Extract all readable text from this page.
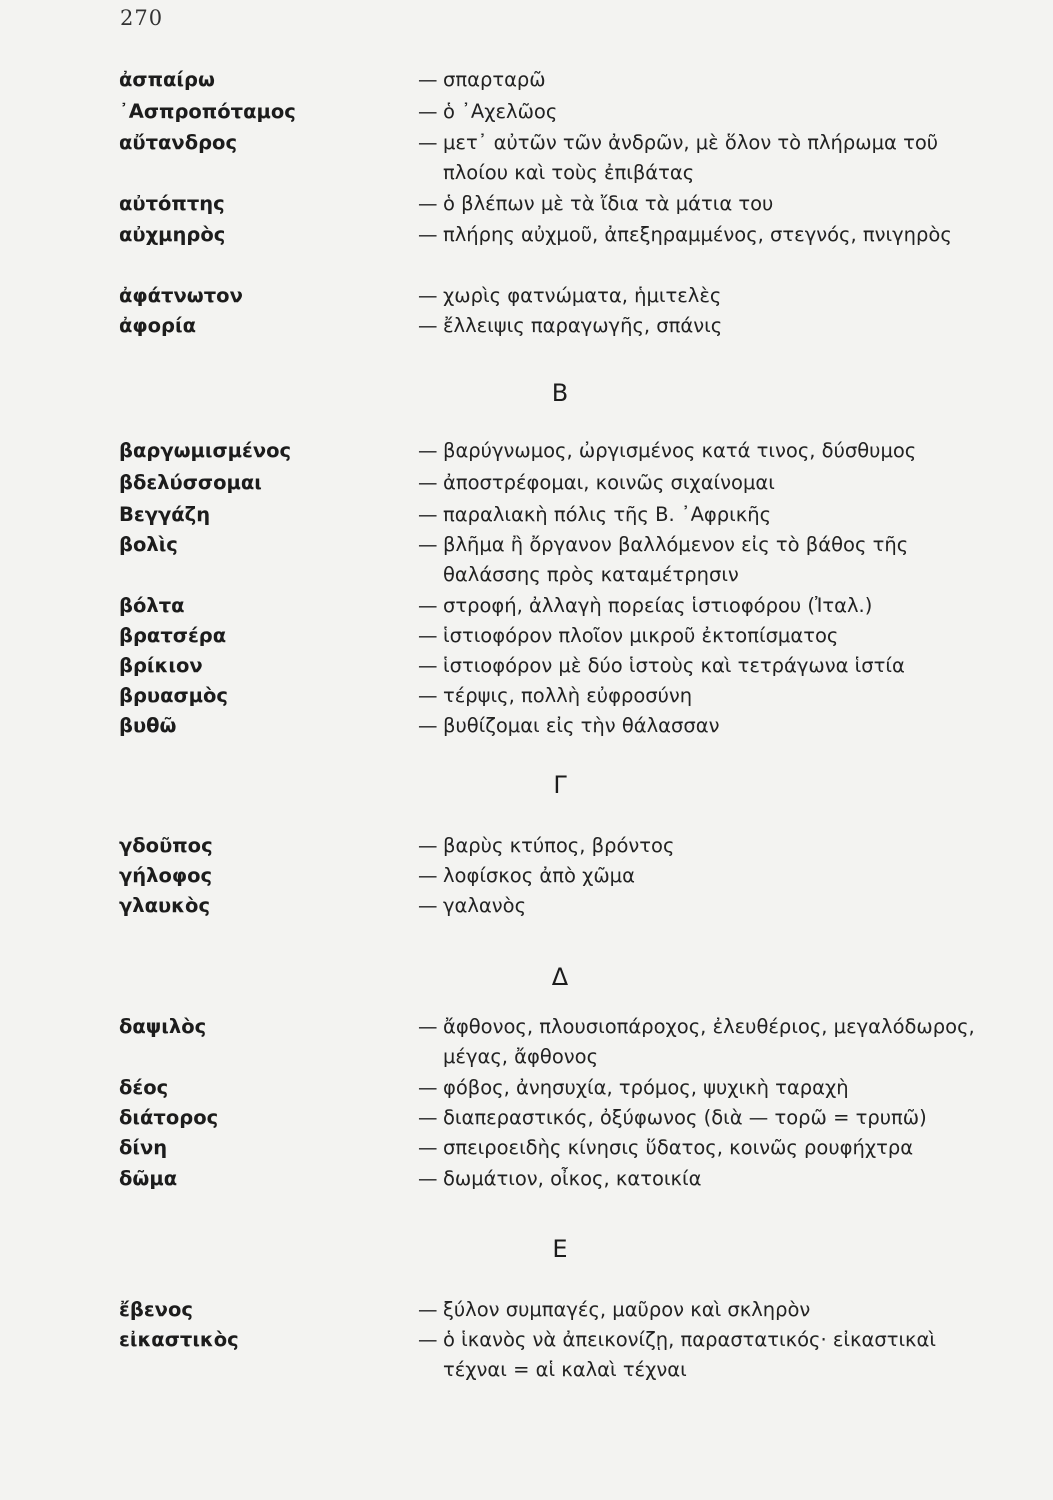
270
ἀσπαίρω	— σπαρταρῶ
᾿Ασπροπόταμος	— ὁ ᾿Αχελῶος
αὔτανδρος	— μετ᾿ αὐτῶν τῶν ἀνδρῶν, μὲ ὅλον τὸ πλήρωμα τοῦ πλοίου καὶ τοὺς ἐπιβάτας
αὐτόπτης	— ὁ βλέπων μὲ τὰ ἴδια τὰ μάτια του
αὐχμηρὸς	— πλήρης αὐχμοῦ, ἀπεξηραμμένος, στεγνός, πνιγηρὸς
ἀφάτνωτον	— χωρὶς φατνώματα, ἡμιτελὲς
ἀφορία	— ἔλλειψις παραγωγῆς, σπάνις
Β
βαργωμισμένος	— βαρύγνωμος, ὠργισμένος κατά τινος, δύσθυμος
βδελύσσομαι	— ἀποστρέφομαι, κοινῶς σιχαίνομαι
Βεγγάζη	— παραλιακὴ πόλις τῆς Β. ᾿Αφρικῆς
βολὶς	— βλῆμα ἢ ὄργανον βαλλόμενον εἰς τὸ βάθος τῆς θαλάσσης πρὸς καταμέτρησιν
βόλτα	— στροφή, ἀλλαγὴ πορείας ἱστιοφόρου (Ἰταλ.)
βρατσέρα	— ἱστιοφόρον πλοῖον μικροῦ ἐκτοπίσματος
βρίκιον	— ἱστιοφόρον μὲ δύο ἱστοὺς καὶ τετράγωνα ἱστία
βρυασμὸς	— τέρψις, πολλὴ εὐφροσύνη
βυθῶ	— βυθίζομαι εἰς τὴν θάλασσαν
Γ
γδοῦπος	— βαρὺς κτύπος, βρόντος
γήλοφος	— λοφίσκος ἀπὸ χῶμα
γλαυκὸς	— γαλανὸς
Δ
δαψιλὸς	— ἄφθονος, πλουσιοπάροχος, ἐλευθέριος, μεγαλόδωρος, μέγας, ἄφθονος
δέος	— φόβος, ἀνησυχία, τρόμος, ψυχικὴ ταραχὴ
διάτορος	— διαπεραστικός, ὀξύφωνος (διὰ — τορῶ = τρυπῶ)
δίνη	— σπειροειδὴς κίνησις ὕδατος, κοινῶς ρουφήχτρα
δῶμα	— δωμάτιον, οἶκος, κατοικία
Ε
ἔβενος	— ξύλον συμπαγές, μαῦρον καὶ σκληρὸν
εἰκαστικὸς	— ὁ ἱκανὸς νὰ ἀπεικονίζῃ, παραστατικός· εἰκαστικαὶ τέχναι = αἱ καλαὶ τέχναι
